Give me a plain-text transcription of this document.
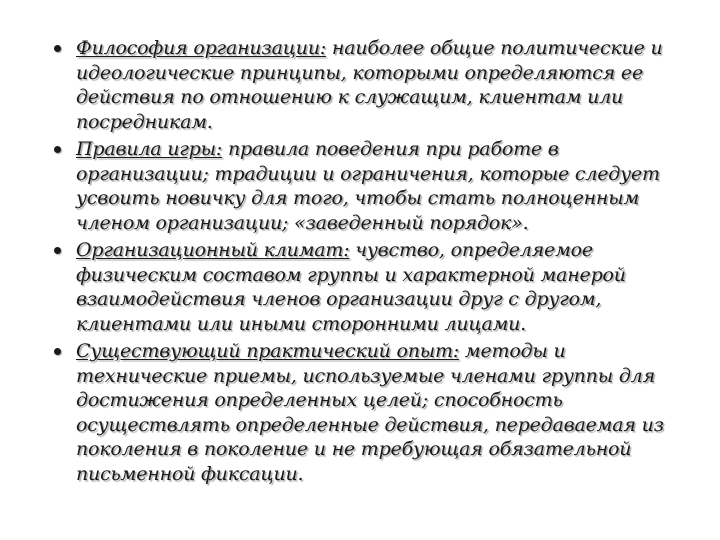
Философия организации: наиболее общие политические и идеологические принципы, которыми определяются ее действия по отношению к служащим, клиентам или посредникам.
Правила игры: правила поведения при работе в организации; традиции и ограничения, которые следует усвоить новичку для того, чтобы стать полноценным членом организации; «заведенный порядок».
Организационный климат: чувство, определяемое физическим составом группы и характерной манерой взаимодействия членов организации друг с другом, клиентами или иными сторонними лицами.
Существующий практический опыт: методы и технические приемы, используемые членами группы для достижения определенных целей; способность осуществлять определенные действия, передаваемая из поколения в поколение и не требующая обязательной письменной фиксации.
